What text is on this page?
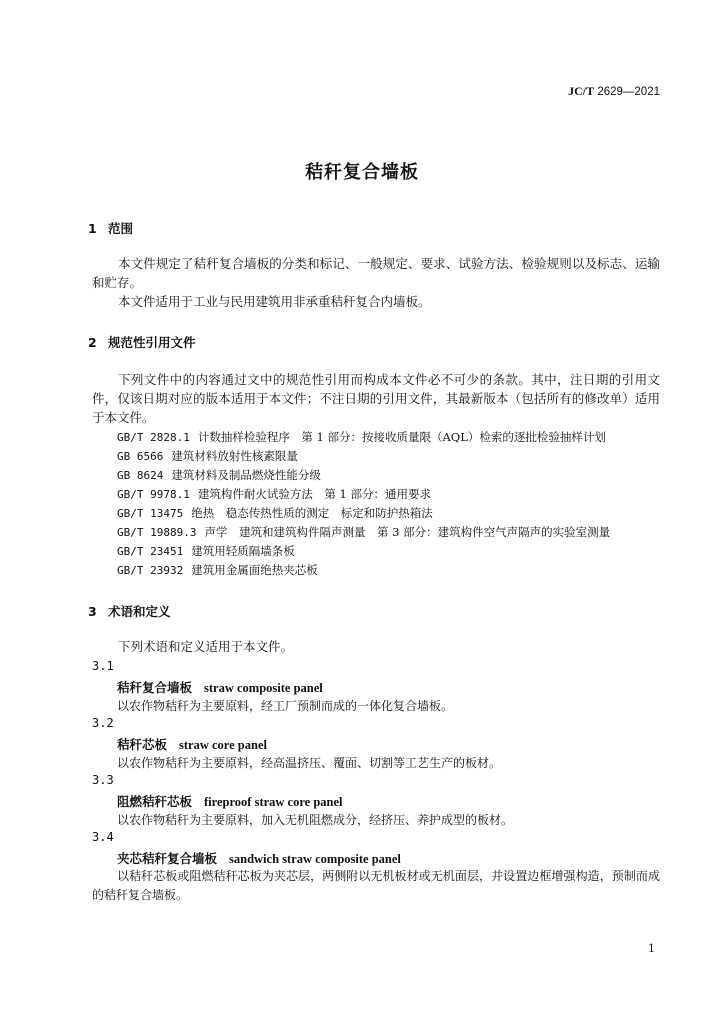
JC/T 2629—2021
秸秆复合墙板
1 范围
本文件规定了秸秆复合墙板的分类和标记、一般规定、要求、试验方法、检验规则以及标志、运输和贮存。
本文件适用于工业与民用建筑用非承重秸秆复合内墙板。
2 规范性引用文件
下列文件中的内容通过文中的规范性引用而构成本文件必不可少的条款。其中，注日期的引用文件，仅该日期对应的版本适用于本文件；不注日期的引用文件，其最新版本（包括所有的修改单）适用于本文件。
GB/T 2828.1 计数抽样检验程序　第 1 部分：按接收质量限（AQL）检索的逐批检验抽样计划
GB 6566 建筑材料放射性核素限量
GB 8624 建筑材料及制品燃烧性能分级
GB/T 9978.1 建筑构件耐火试验方法　第 1 部分：通用要求
GB/T 13475 绝热　稳态传热性质的测定　标定和防护热箱法
GB/T 19889.3 声学　建筑和建筑构件隔声测量　第 3 部分：建筑构件空气声隔声的实验室测量
GB/T 23451 建筑用轻质隔墙条板
GB/T 23932 建筑用金属面绝热夹芯板
3 术语和定义
下列术语和定义适用于本文件。
3.1
秸秆复合墙板 straw composite panel
以农作物秸秆为主要原料，经工厂预制而成的一体化复合墙板。
3.2
秸秆芯板 straw core panel
以农作物秸秆为主要原料，经高温挤压、覆面、切割等工艺生产的板材。
3.3
阻燃秸秆芯板 fireproof straw core panel
以农作物秸秆为主要原料，加入无机阻燃成分，经挤压、养护成型的板材。
3.4
夹芯秸秆复合墙板 sandwich straw composite panel
以秸秆芯板或阻燃秸秆芯板为夹芯层，两侧附以无机板材或无机面层，并设置边框增强构造，预制而成的秸秆复合墙板。
1
